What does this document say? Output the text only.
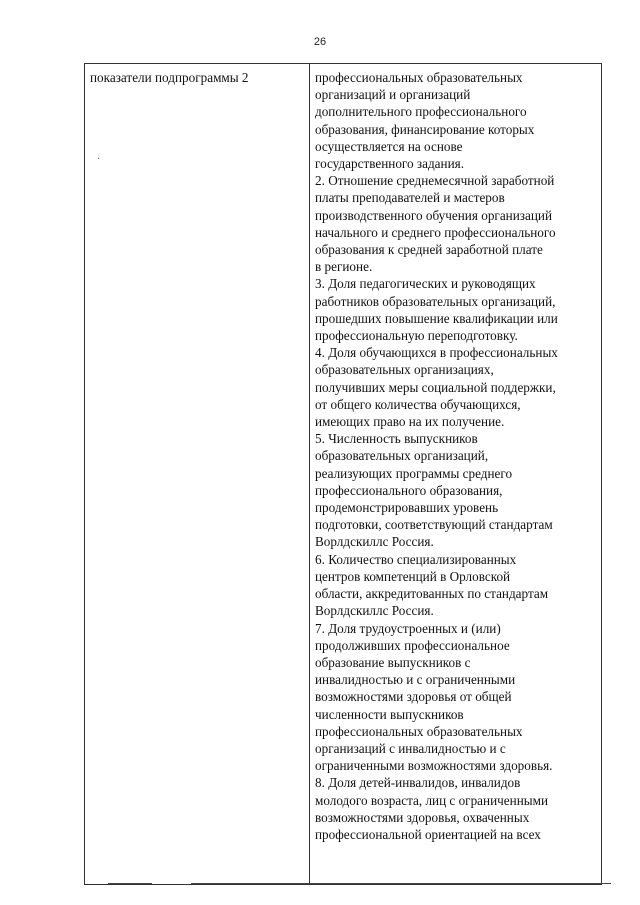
26
показатели подпрограммы 2
·
профессиональных образовательных
организаций и организаций
дополнительного профессионального
образования, финансирование которых
осуществляется на основе
государственного задания.
2. Отношение среднемесячной заработной
платы преподавателей и мастеров
производственного обучения организаций
начального и среднего профессионального
образования к средней заработной плате
в регионе.
3. Доля педагогических и руководящих
работников образовательных организаций,
прошедших повышение квалификации или
профессиональную переподготовку.
4. Доля обучающихся в профессиональных
образовательных организациях,
получивших меры социальной поддержки,
от общего количества обучающихся,
имеющих право на их получение.
5. Численность выпускников
образовательных организаций,
реализующих программы среднего
профессионального образования,
продемонстрировавших уровень
подготовки, соответствующий стандартам
Ворлдскиллс Россия.
6. Количество специализированных
центров компетенций в Орловской
области, аккредитованных по стандартам
Ворлдскиллс Россия.
7. Доля трудоустроенных и (или)
продолживших профессиональное
образование выпускников с
инвалидностью и с ограниченными
возможностями здоровья от общей
численности выпускников
профессиональных образовательных
организаций с инвалидностью и с
ограниченными возможностями здоровья.
8. Доля детей-инвалидов, инвалидов
молодого возраста, лиц с ограниченными
возможностями здоровья, охваченных
профессиональной ориентацией на всех
